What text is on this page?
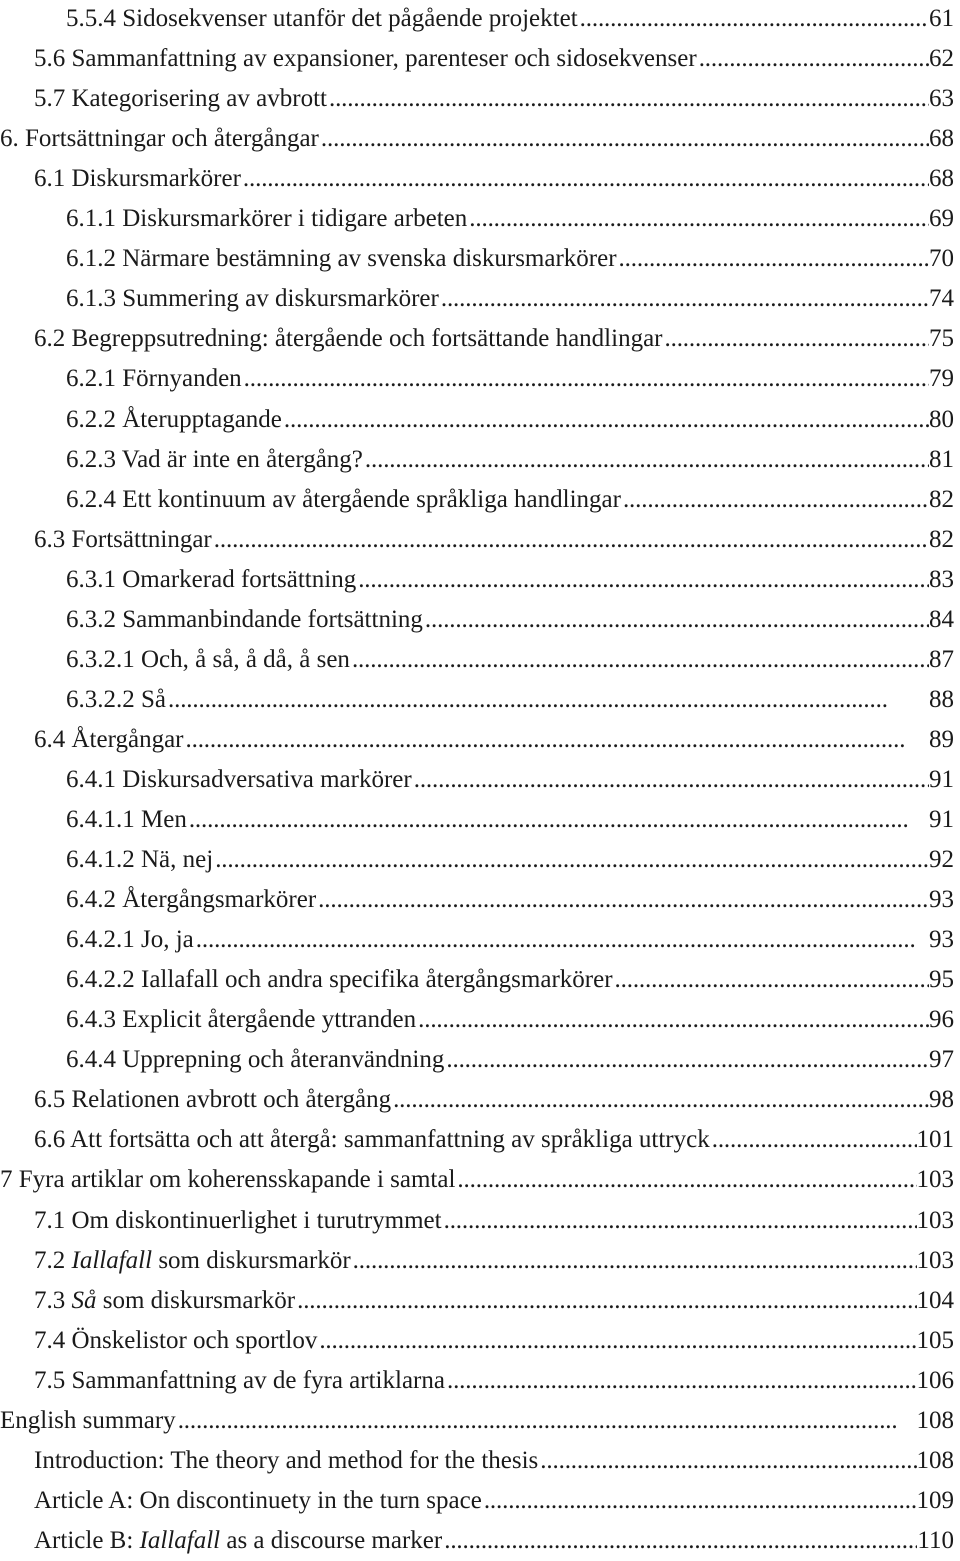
5.5.4 Sidosekvenser utanför det pågående projektet . . .	61
5.6 Sammanfattning av expansioner, parenteser och sidosekvenser . . .	62
5.7 Kategorisering av avbrott . . .	63
6. Fortsättningar och återgångar . . .	68
6.1 Diskursmarkörer . . .	68
6.1.1 Diskursmarkörer i tidigare arbeten . . .	69
6.1.2 Närmare bestämning av svenska diskursmarkörer . . .	70
6.1.3 Summering av diskursmarkörer . . .	74
6.2 Begreppsutredning: återgående och fortsättande handlingar . . .	75
6.2.1 Förnyanden . . .	79
6.2.2 Återupptagande . . .	80
6.2.3 Vad är inte en återgång? . . .	81
6.2.4 Ett kontinuum av återgående språkliga handlingar . . .	82
6.3 Fortsättningar . . .	82
6.3.1 Omarkerad fortsättning . . .	83
6.3.2 Sammanbindande fortsättning . . .	84
6.3.2.1 Och, å så, å då, å sen . . .	87
6.3.2.2 Så . . .	88
6.4 Återgångar . . .	89
6.4.1 Diskursadversativa markörer . . .	91
6.4.1.1 Men . . .	91
6.4.1.2 Nä, nej . . .	92
6.4.2 Återgångsmarkörer . . .	93
6.4.2.1 Jo, ja . . .	93
6.4.2.2 Iallafall och andra specifika återgångsmarkörer . . .	95
6.4.3 Explicit återgående yttranden . . .	96
6.4.4 Upprepning och återanvändning . . .	97
6.5 Relationen avbrott och återgång . . .	98
6.6 Att fortsätta och att återgå: sammanfattning av språkliga uttryck . . .	101
7 Fyra artiklar om koherensskapande i samtal . . .	103
7.1 Om diskontinuerlighet i turutrymmet . . .	103
7.2 Iallafall som diskursmarkör . . .	103
7.3 Så som diskursmarkör . . .	104
7.4 Önskelistor och sportlov . . .	105
7.5 Sammanfattning av de fyra artiklarna . . .	106
English summary . . .	108
Introduction: The theory and method for the thesis . . .	108
Article A: On discontinuety in the turn space . . .	109
Article B: Iallafall as a discourse marker . . .	110
